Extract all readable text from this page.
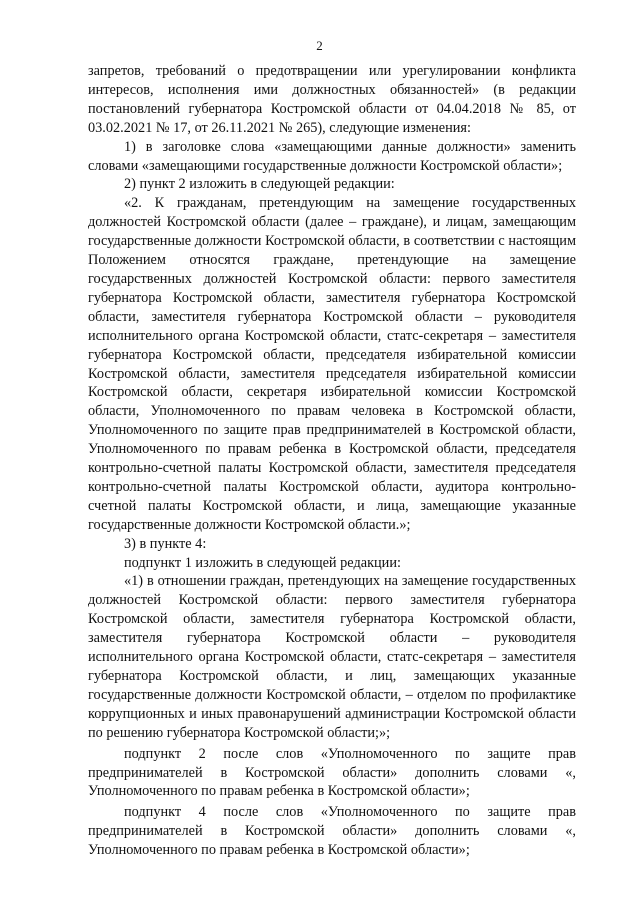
2

запретов, требований о предотвращении или урегулировании конфликта интересов, исполнения ими должностных обязанностей» (в редакции постановлений губернатора Костромской области от 04.04.2018 № 85, от 03.02.2021 № 17, от 26.11.2021 № 265), следующие изменения:

1) в заголовке слова «замещающими данные должности» заменить словами «замещающими государственные должности Костромской области»;

2) пункт 2 изложить в следующей редакции:

«2. К гражданам, претендующим на замещение государственных должностей Костромской области (далее – граждане), и лицам, замещающим государственные должности Костромской области, в соответствии с настоящим Положением относятся граждане, претендующие на замещение государственных должностей Костромской области: первого заместителя губернатора Костромской области, заместителя губернатора Костромской области, заместителя губернатора Костромской области – руководителя исполнительного органа Костромской области, статс-секретаря – заместителя губернатора Костромской области, председателя избирательной комиссии Костромской области, заместителя председателя избирательной комиссии Костромской области, секретаря избирательной комиссии Костромской области, Уполномоченного по правам человека в Костромской области, Уполномоченного по защите прав предпринимателей в Костромской области, Уполномоченного по правам ребенка в Костромской области, председателя контрольно-счетной палаты Костромской области, заместителя председателя контрольно-счетной палаты Костромской области, аудитора контрольно-счетной палаты Костромской области, и лица, замещающие указанные государственные должности Костромской области.»;

3) в пункте 4:

подпункт 1 изложить в следующей редакции:

«1) в отношении граждан, претендующих на замещение государственных должностей Костромской области: первого заместителя губернатора Костромской области, заместителя губернатора Костромской области, заместителя губернатора Костромской области – руководителя исполнительного органа Костромской области, статс-секретаря – заместителя губернатора Костромской области, и лиц, замещающих указанные государственные должности Костромской области, – отделом по профилактике коррупционных и иных правонарушений администрации Костромской области по решению губернатора Костромской области;»;

подпункт 2 после слов «Уполномоченного по защите прав предпринимателей в Костромской области» дополнить словами «, Уполномоченного по правам ребенка в Костромской области»;

подпункт 4 после слов «Уполномоченного по защите прав предпринимателей в Костромской области» дополнить словами «, Уполномоченного по правам ребенка в Костромской области»;
